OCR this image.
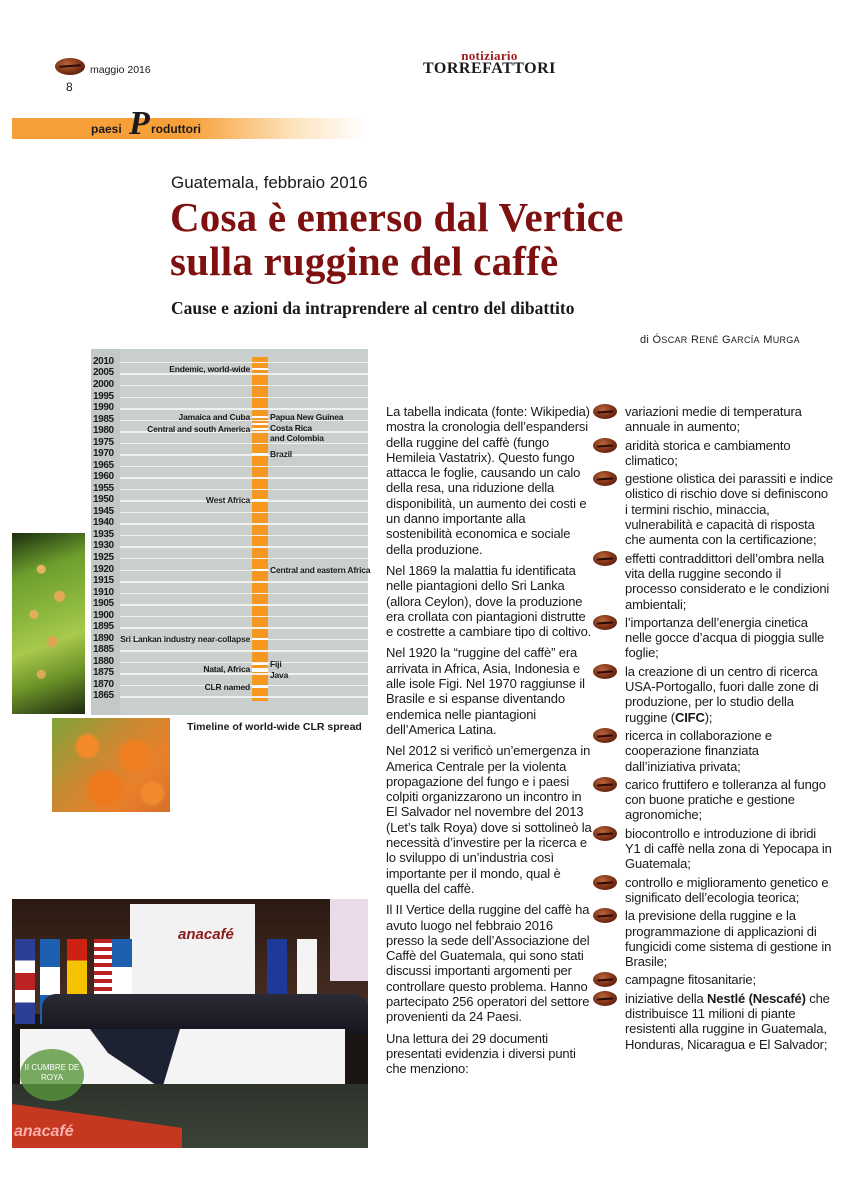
maggio 2016
8
notiziario
TORREFATTORI
paesi P roduttori
Guatemala, febbraio 2016
Cosa è emerso dal Vertice
sulla ruggine del caffè
Cause e azioni da intraprendere al centro del dibattito
di ÓSCAR RENÉ GARCÍA MURGA
2010
2005
2000
1995
1990
1985
1980
1975
1970
1965
1960
1955
1950
1945
1940
1935
1930
1925
1920
1915
1910
1905
1900
1895
1890
1885
1880
1875
1870
1865
Endemic, world-wide
Jamaica and Cuba
Central and south America
West Africa
Sri Lankan industry near-collapse
Natal, Africa
CLR named
Papua New Guinea
Costa Rica
and Colombia
Brazil
Central and eastern Africa
Fiji
Java
Timeline of world-wide CLR spread
anacafé
II CUMBRE DE ROYA
anacafé

La tabella indicata (fonte: Wikipedia) mostra la cronologia dell’espandersi della ruggine del caffè (fungo Hemileia Vastatrix). Questo fungo attacca le foglie, causando un calo della resa, una riduzione della disponibilità, un aumento dei costi e un danno importante alla sostenibilità economica e sociale della produzione.

Nel 1869 la malattia fu identificata nelle piantagioni dello Sri Lanka (allora Ceylon), dove la produzione era crollata con piantagioni distrutte e costrette a cambiare tipo di coltivo.

Nel 1920 la “ruggine del caffè” era arrivata in Africa, Asia, Indonesia e alle isole Figi. Nel 1970 raggiunse il Brasile e si espanse diventando endemica nelle piantagioni dell’America Latina.

Nel 2012 si verificò un’emergenza in America Centrale per la violenta propagazione del fungo e i paesi colpiti organizzarono un incontro in El Salvador nel novembre del 2013 (Let’s talk Roya) dove si sottolineò la necessità d’investire per la ricerca e lo sviluppo di un’industria così importante per il mondo, qual è quella del caffè.

Il II Vertice della ruggine del caffè ha avuto luogo nel febbraio 2016 presso la sede dell’Associazione del Caffè del Guatemala, qui sono stati discussi importanti argomenti per controllare questo problema. Hanno partecipato 256 operatori del settore provenienti da 24 Paesi.

Una lettura dei 29 documenti presentati evidenzia i diversi punti che menziono:

variazioni medie di temperatura annuale in aumento;
aridità storica e cambiamento climatico;
gestione olistica dei parassiti e indice olistico di rischio dove si definiscono i termini rischio, minaccia, vulnerabilità e capacità di risposta che aumenta con la certificazione;
effetti contraddittori dell’ombra nella vita della ruggine secondo il processo considerato e le condizioni ambientali;
l’importanza dell’energia cinetica nelle gocce d’acqua di pioggia sulle foglie;
la creazione di un centro di ricerca USA-Portogallo, fuori dalle zone di produzione, per lo studio della ruggine (CIFC);
ricerca in collaborazione e cooperazione finanziata dall’iniziativa privata;
carico fruttifero e tolleranza al fungo con buone pratiche e gestione agronomiche;
biocontrollo e introduzione di ibridi Y1 di caffè nella zona di Yepocapa in Guatemala;
controllo e miglioramento genetico e significato dell’ecologia teorica;
la previsione della ruggine e la programmazione di applicazioni di fungicidi come sistema di gestione in Brasile;
campagne fitosanitarie;
iniziative della Nestlé (Nescafé) che distribuisce 11 milioni di piante resistenti alla ruggine in Guatemala, Honduras, Nicaragua e El Salvador;
